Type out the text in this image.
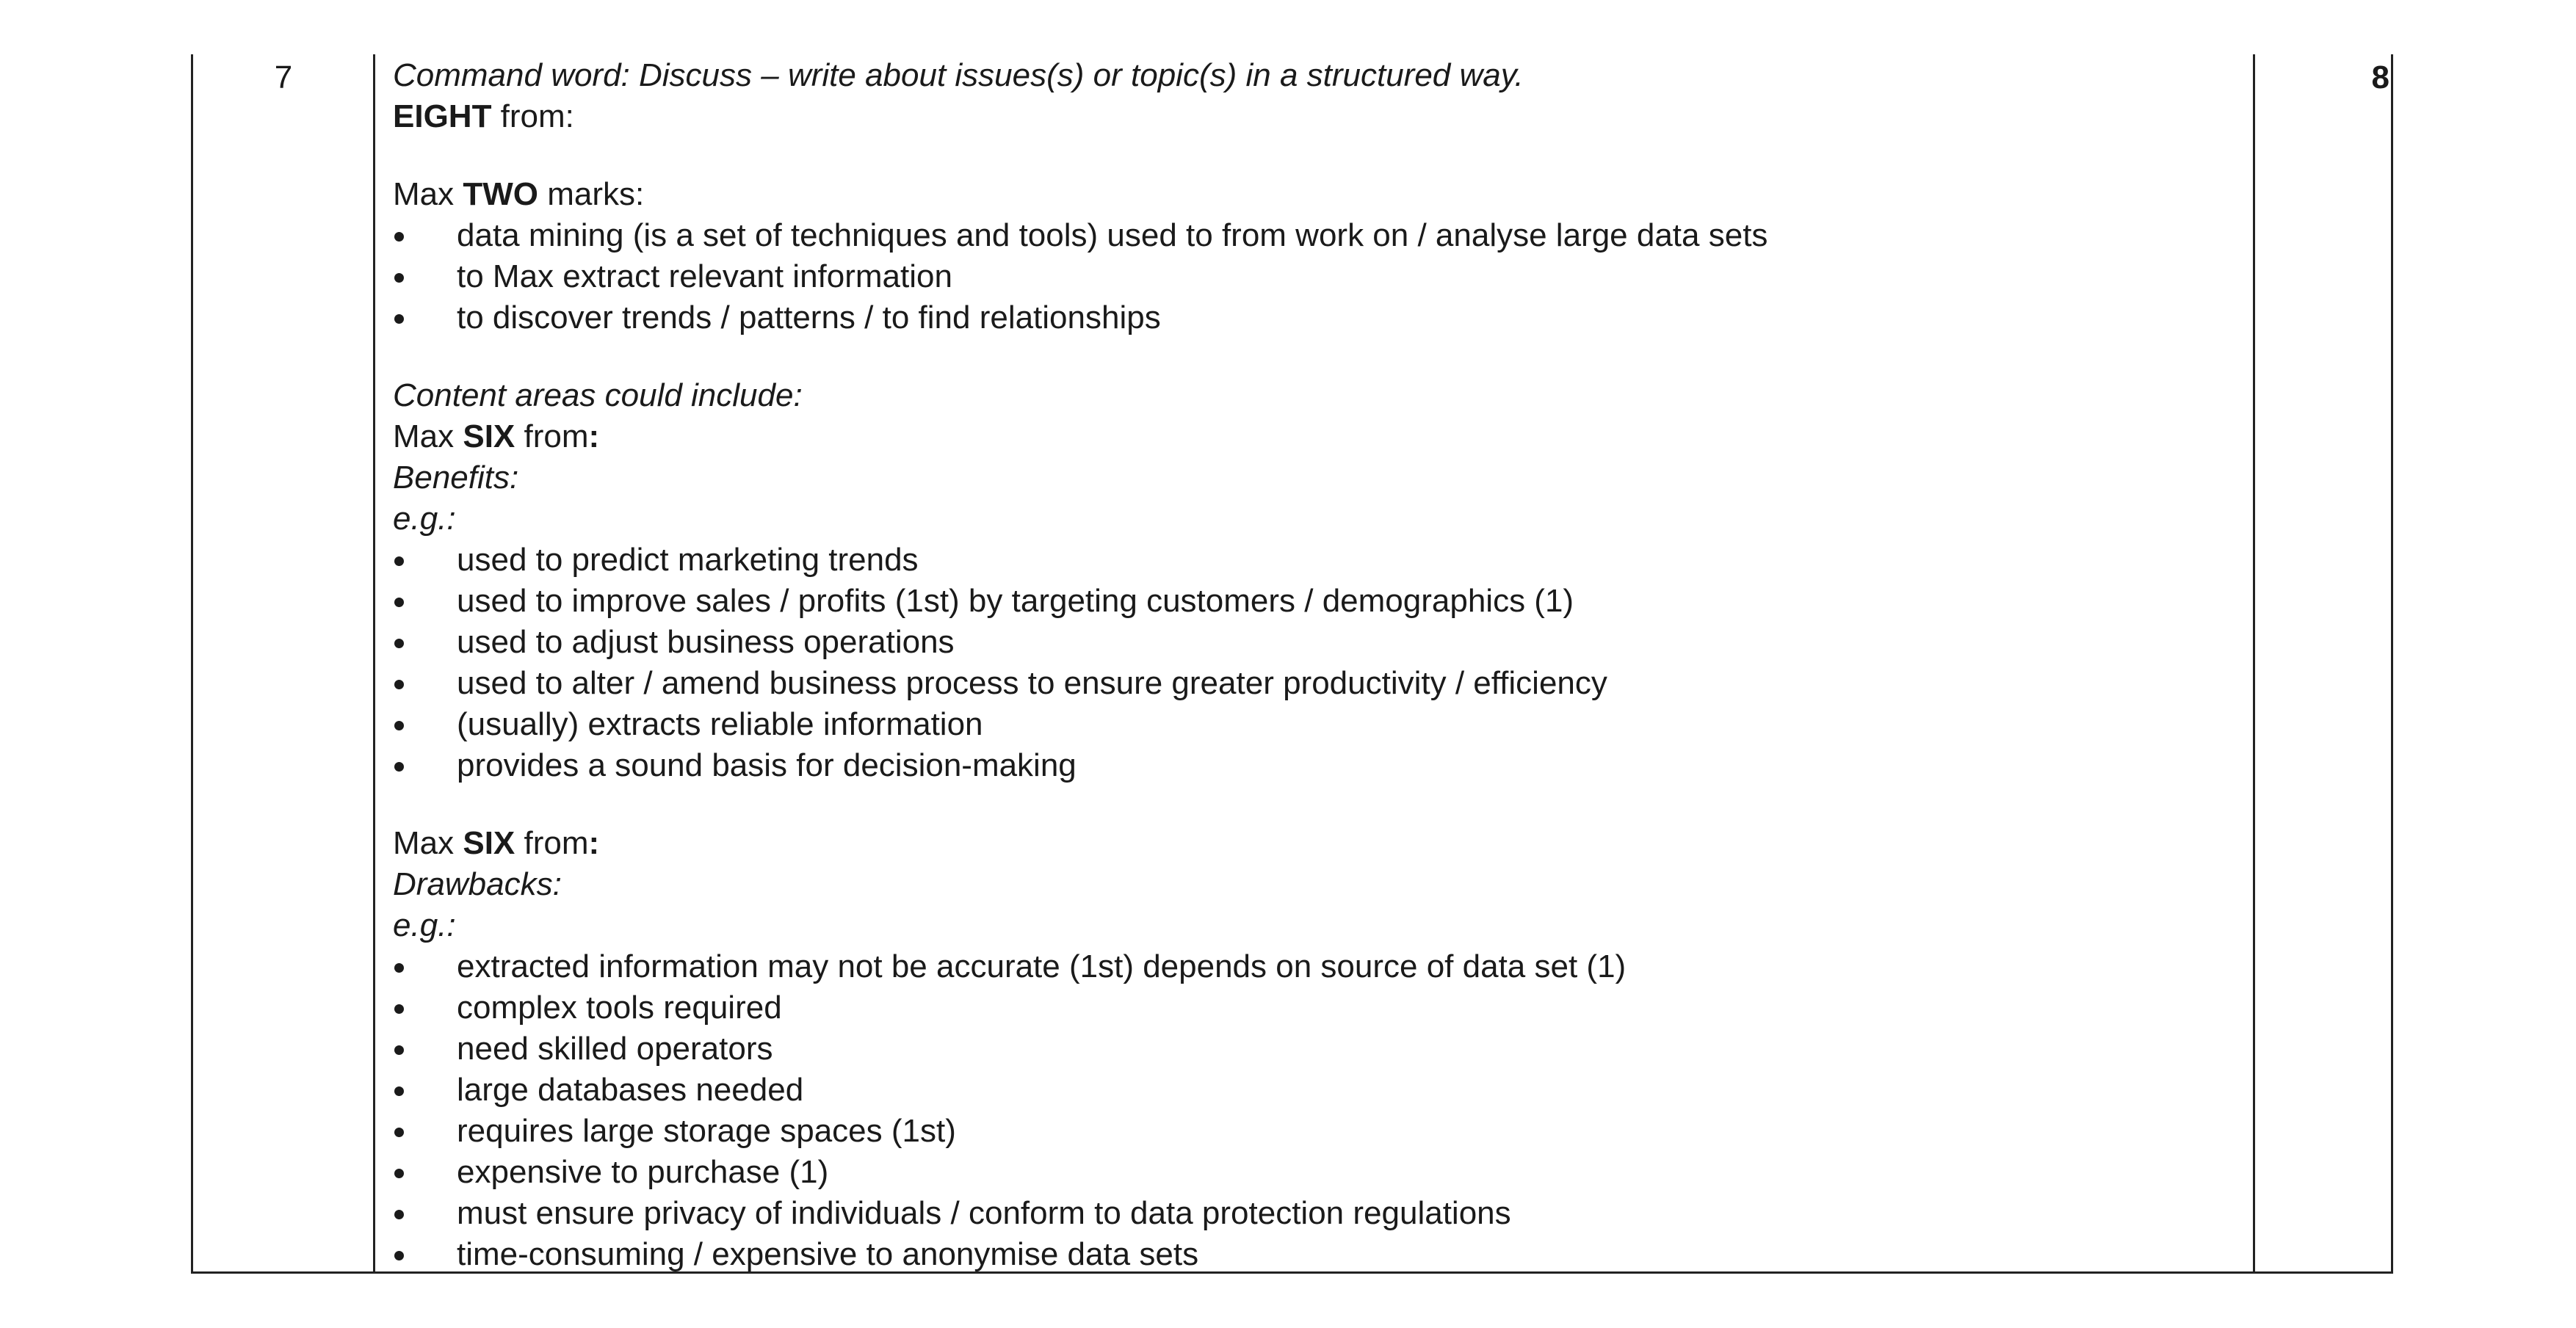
7	8
Command word: Discuss – write about issues(s) or topic(s) in a structured way.
EIGHT from:
Max TWO marks:
data mining (is a set of techniques and tools) used to from work on / analyse large data sets
to Max extract relevant information
to discover trends / patterns / to find relationships
Content areas could include:
Max SIX from:
Benefits:
e.g.:
used to predict marketing trends
used to improve sales / profits (1st) by targeting customers / demographics (1)
used to adjust business operations
used to alter / amend business process to ensure greater productivity / efficiency
(usually) extracts reliable information
provides a sound basis for decision-making
Max SIX from:
Drawbacks:
e.g.:
extracted information may not be accurate (1st) depends on source of data set (1)
complex tools required
need skilled operators
large databases needed
requires large storage spaces (1st)
expensive to purchase (1)
must ensure privacy of individuals / conform to data protection regulations
time-consuming / expensive to anonymise data sets
